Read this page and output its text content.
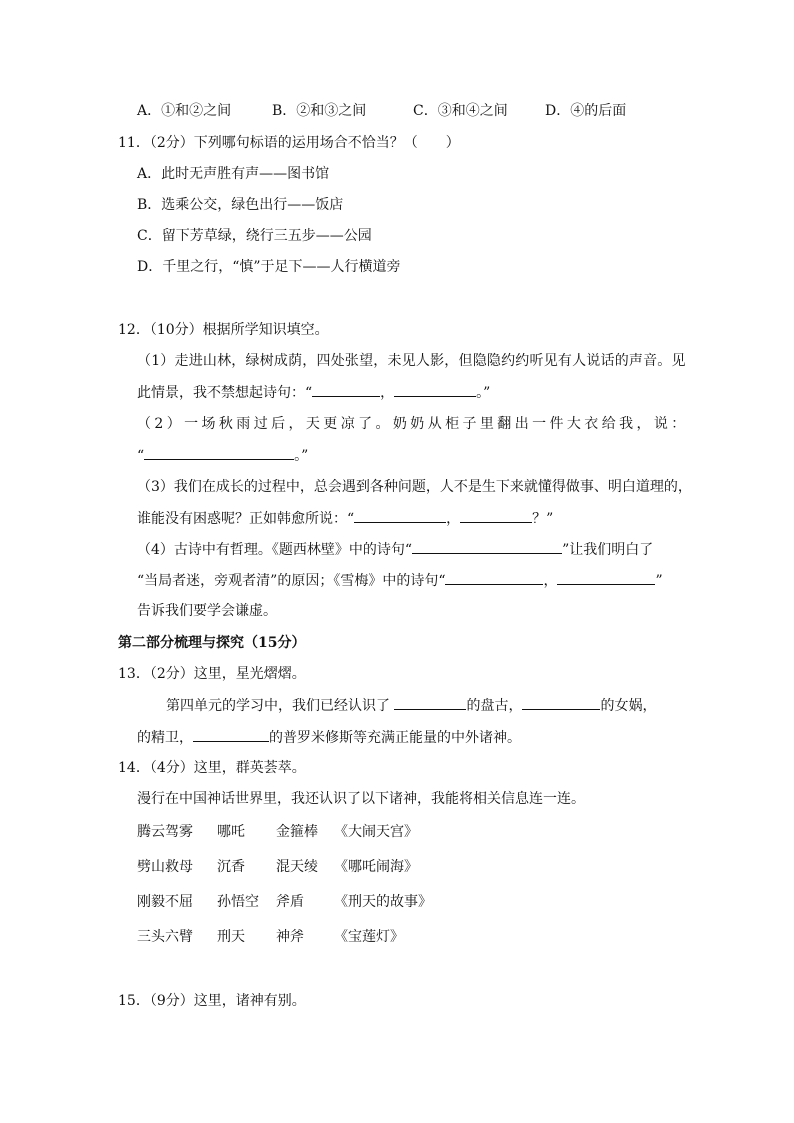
A．①和②之间	B．②和③之间	C．③和④之间	D．④的后面
11．（2分）下列哪句标语的运用场合不恰当？（　　）
A．此时无声胜有声——图书馆
B．选乘公交，绿色出行——饭店
C．留下芳草绿，绕行三五步——公园
D．千里之行，“慎”于足下——人行横道旁
12．（10分）根据所学知识填空。
（1）走进山林，绿树成荫，四处张望，未见人影，但隐隐约约听见有人说话的声音。见
此情景，我不禁想起诗句：“	，	。”
（2）一场秋雨过后，天更凉了。奶奶从柜子里翻出一件大衣给我，说：
“	。”
（3）我们在成长的过程中，总会遇到各种问题，人不是生下来就懂得做事、明白道理的，
谁能没有困惑呢？正如韩愈所说：“	，	？”
（4）古诗中有哲理。《题西林壁》中的诗句“	”让我们明白了
“当局者迷，旁观者清”的原因；《雪梅》中的诗句“	，	”
告诉我们要学会谦虚。
第二部分梳理与探究（15分）
13．（2分）这里，星光熠熠。
第四单元的学习中，我们已经认识了	的盘古，	的女娲，
的精卫，	的普罗米修斯等充满正能量的中外诸神。
14．（4分）这里，群英荟萃。
漫行在中国神话世界里，我还认识了以下诸神，我能将相关信息连一连。
腾云驾雾 哪吒 金箍棒 《大闹天宫》
劈山救母 沉香 混天绫 《哪吒闹海》
刚毅不屈 孙悟空 斧盾 《刑天的故事》
三头六臂 刑天 神斧 《宝莲灯》
15．（9分）这里，诸神有别。
